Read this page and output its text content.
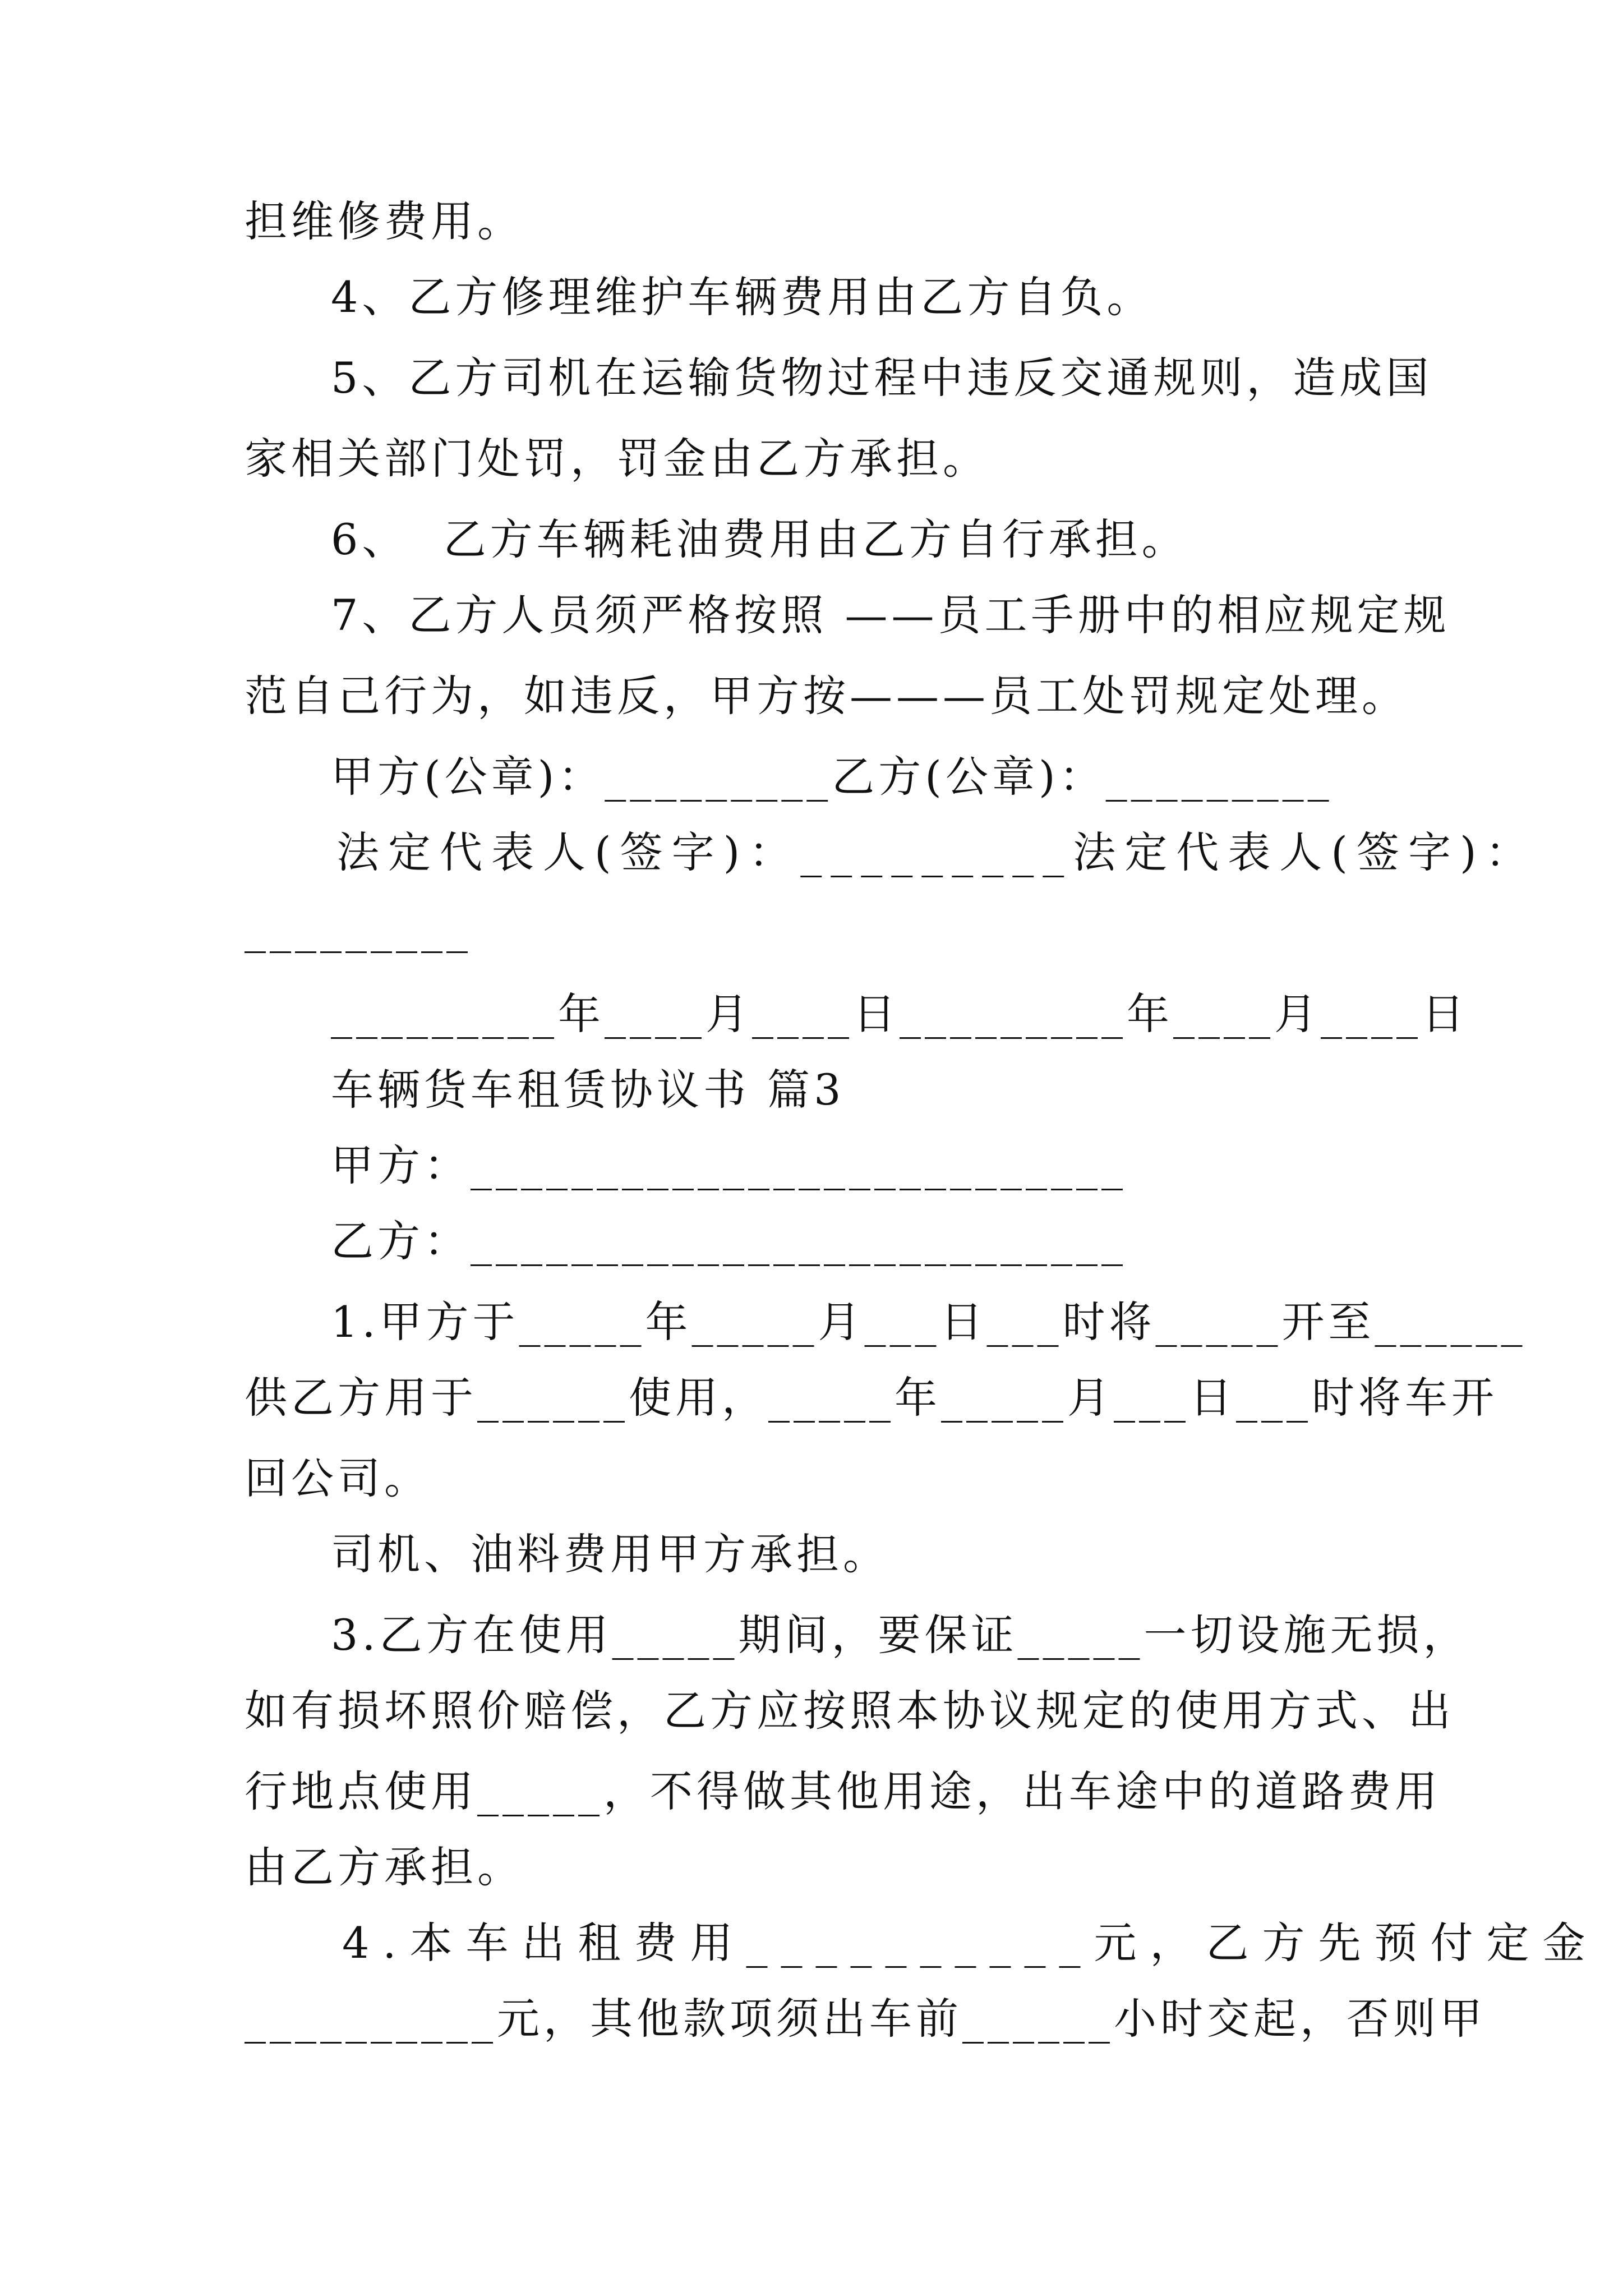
担维修费用。
4、乙方修理维护车辆费用由乙方自负。
5、乙方司机在运输货物过程中违反交通规则，造成国
家相关部门处罚，罚金由乙方承担。
6、  乙方车辆耗油费用由乙方自行承担。
7、乙方人员须严格按照 ——员工手册中的相应规定规
范自己行为，如违反，甲方按———员工处罚规定处理。
甲方(公章)：_________乙方(公章)：_________
法定代表人(签字)：_________法定代表人(签字)：
_________
_________年____月____日_________年____月____日
车辆货车租赁协议书 篇3
甲方：__________________________
乙方：__________________________
1.甲方于_____年_____月___日___时将_____开至______
供乙方用于______使用，_____年_____月___日___时将车开
回公司。
司机、油料费用甲方承担。
3.乙方在使用_____期间，要保证_____一切设施无损，
如有损坏照价赔偿，乙方应按照本协议规定的使用方式、出
行地点使用_____，不得做其他用途，出车途中的道路费用
由乙方承担。
4.本车出租费用__________元，乙方先预付定金
__________元，其他款项须出车前______小时交起，否则甲
